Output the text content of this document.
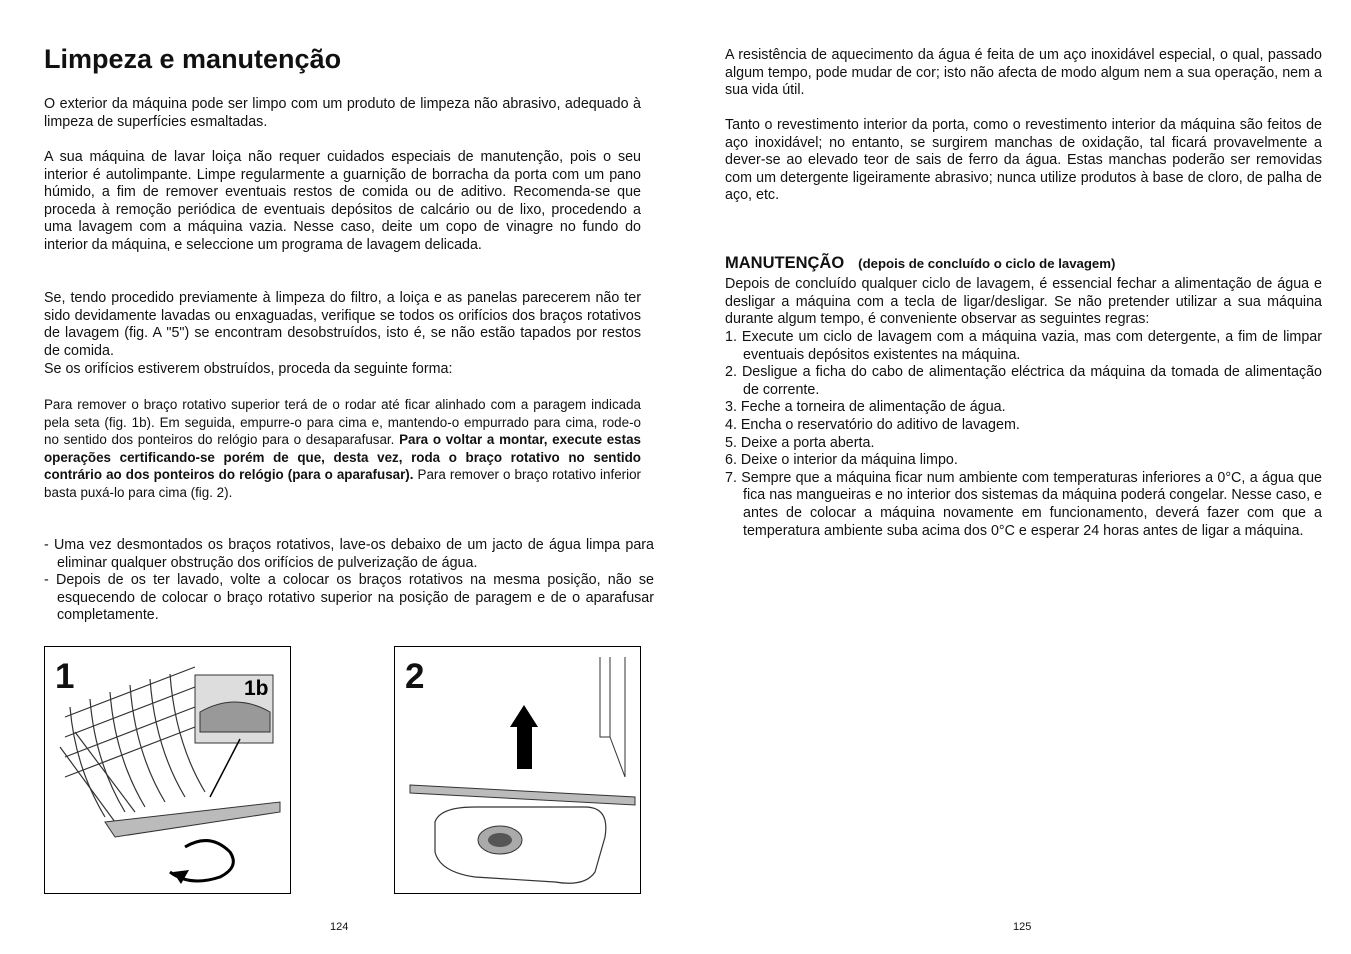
Limpeza e manutenção

O exterior da máquina pode ser limpo com um produto de limpeza não abrasivo, adequado à limpeza de superfícies esmaltadas.

A sua máquina de lavar loiça não requer cuidados especiais de manutenção, pois o seu interior é autolimpante. Limpe regularmente a guarnição de borracha da porta com um pano húmido, a fim de remover eventuais restos de comida ou de aditivo. Recomenda-se que proceda à remoção periódica de eventuais depósitos de calcário ou de lixo, procedendo a uma lavagem com a máquina vazia. Nesse caso, deite um copo de vinagre no fundo do interior da máquina, e seleccione um programa de lavagem delicada.

Se, tendo procedido previamente à limpeza do filtro, a loiça e as panelas parecerem não ter sido devidamente lavadas ou enxaguadas, verifique se todos os orifícios dos braços rotativos de lavagem (fig. A "5") se encontram desobstruídos, isto é, se não estão tapados por restos de comida.

Se os orifícios estiverem obstruídos, proceda da seguinte forma:

Para remover o braço rotativo superior terá de o rodar até ficar alinhado com a paragem indicada pela seta (fig. 1b). Em seguida, empurre-o para cima e, mantendo-o empurrado para cima, rode-o no sentido dos ponteiros do relógio para o desaparafusar. Para o voltar a montar, execute estas operações certificando-se porém de que, desta vez, roda o braço rotativo no sentido contrário ao dos ponteiros do relógio (para o aparafusar). Para remover o braço rotativo inferior basta puxá-lo para cima (fig. 2).

- Uma vez desmontados os braços rotativos, lave-os debaixo de um jacto de água limpa para eliminar qualquer obstrução dos orifícios de pulverização de água.

- Depois de os ter lavado, volte a colocar os braços rotativos na mesma posição, não se esquecendo de colocar o braço rotativo superior na posição de paragem e de o aparafusar completamente.

1	1b	2
124

A resistência de aquecimento da água é feita de um aço inoxidável especial, o qual, passado algum tempo, pode mudar de cor; isto não afecta de modo algum nem a sua operação, nem a sua vida útil.

Tanto o revestimento interior da porta, como o revestimento interior da máquina são feitos de aço inoxidável; no entanto, se surgirem manchas de oxidação, tal ficará provavelmente a dever-se ao elevado teor de sais de ferro da água. Estas manchas poderão ser removidas com um detergente ligeiramente abrasivo; nunca utilize produtos à base de cloro, de palha de aço, etc.

MANUTENÇÃO (depois de concluído o ciclo de lavagem)

Depois de concluído qualquer ciclo de lavagem, é essencial fechar a alimentação de água e desligar a máquina com a tecla de ligar/desligar. Se não pretender utilizar a sua máquina durante algum tempo, é conveniente observar as seguintes regras:

1. Execute um ciclo de lavagem com a máquina vazia, mas com detergente, a fim de limpar eventuais depósitos existentes na máquina.
2. Desligue a ficha do cabo de alimentação eléctrica da máquina da tomada de alimentação de corrente.
3. Feche a torneira de alimentação de água.
4. Encha o reservatório do aditivo de lavagem.
5. Deixe a porta aberta.
6. Deixe o interior da máquina limpo.
7. Sempre que a máquina ficar num ambiente com temperaturas inferiores a 0°C, a água que fica nas mangueiras e no interior dos sistemas da máquina poderá congelar. Nesse caso, e antes de colocar a máquina novamente em funcionamento, deverá fazer com que a temperatura ambiente suba acima dos 0°C e esperar 24 horas antes de ligar a máquina.
125
